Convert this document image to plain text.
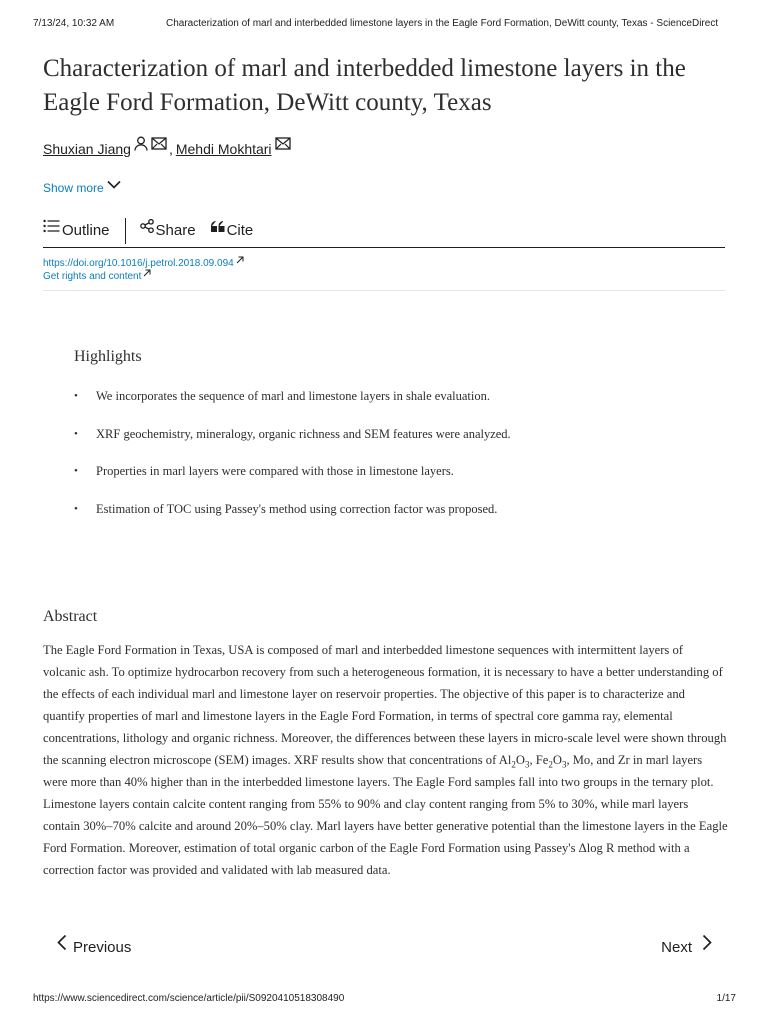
7/13/24, 10:32 AM	Characterization of marl and interbedded limestone layers in the Eagle Ford Formation, DeWitt county, Texas - ScienceDirect
Characterization of marl and interbedded limestone layers in the Eagle Ford Formation, DeWitt county, Texas
Shuxian Jiang	, Mehdi Mokhtari
Show more
Outline	Share Cite
https://doi.org/10.1016/j.petrol.2018.09.094
Get rights and content
Highlights
• We incorporates the sequence of marl and limestone layers in shale evaluation.
• XRF geochemistry, mineralogy, organic richness and SEM features were analyzed.
• Properties in marl layers were compared with those in limestone layers.
• Estimation of TOC using Passey's method using correction factor was proposed.
Abstract

The Eagle Ford Formation in Texas, USA is composed of marl and interbedded limestone sequences with intermittent layers of volcanic ash. To optimize hydrocarbon recovery from such a heterogeneous formation, it is necessary to have a better understanding of the effects of each individual marl and limestone layer on reservoir properties. The objective of this paper is to characterize and quantify properties of marl and limestone layers in the Eagle Ford Formation, in terms of spectral core gamma ray, elemental concentrations, lithology and organic richness. Moreover, the differences between these layers in micro-scale level were shown through the scanning electron microscope (SEM) images. XRF results show that concentrations of $Al_2O_3$, $Fe_2O_3$, Mo, and Zr in marl layers were more than 40% higher than in the interbedded limestone layers. The Eagle Ford samples fall into two groups in the ternary plot. Limestone layers contain calcite content ranging from 55% to 90% and clay content ranging from 5% to 30%, while marl layers contain 30%–70% calcite and around 20%–50% clay. Marl layers have better generative potential than the limestone layers in the Eagle Ford Formation. Moreover, estimation of total organic carbon of the Eagle Ford Formation using Passey's Δlog R method with a correction factor was provided and validated with lab measured data.

Previous	Next
https://www.sciencedirect.com/science/article/pii/S0920410518308490	1/17
